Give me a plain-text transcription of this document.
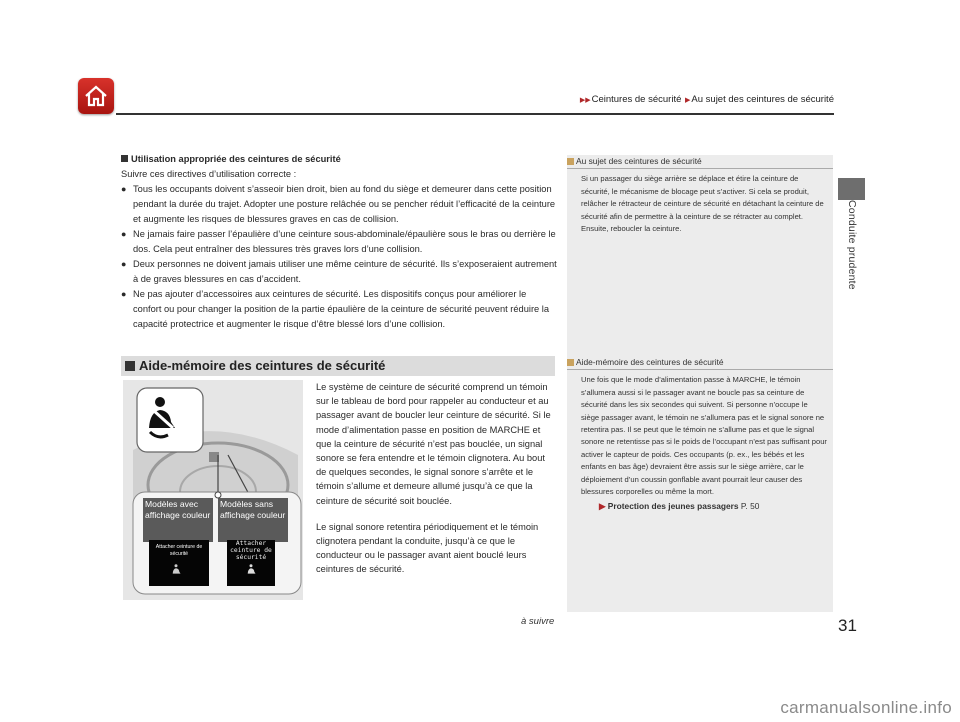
▶▶Ceintures de sécurité ▶Au sujet des ceintures de sécurité
Conduite prudente
Utilisation appropriée des ceintures de sécurité
Suivre ces directives d’utilisation correcte :
● Tous les occupants doivent s’asseoir bien droit, bien au fond du siège et demeurer dans cette position pendant la durée du trajet. Adopter une posture relâchée ou se pencher réduit l’efficacité de la ceinture et augmente les risques de blessures graves en cas de collision.
● Ne jamais faire passer l’épaulière d’une ceinture sous-abdominale/épaulière sous le bras ou derrière le dos. Cela peut entraîner des blessures très graves lors d’une collision.
● Deux personnes ne doivent jamais utiliser une même ceinture de sécurité. Ils s’exposeraient autrement à de graves blessures en cas d’accident.
● Ne pas ajouter d’accessoires aux ceintures de sécurité. Les dispositifs conçus pour améliorer le confort ou pour changer la position de la partie épaulière de la ceinture de sécurité peuvent réduire la capacité protectrice et augmenter le risque d’être blessé lors d’une collision.
Au sujet des ceintures de sécurité
Si un passager du siège arrière se déplace et étire la ceinture de sécurité, le mécanisme de blocage peut s’activer. Si cela se produit, relâcher le rétracteur de ceinture de sécurité en détachant la ceinture de sécurité afin de permettre à la ceinture de se rétracter au complet. Ensuite, reboucler la ceinture.
Aide-mémoire des ceintures de sécurité
Modèles avec affichage couleur
Modèles sans affichage couleur
Attacher ceinture de sécurité
Attacher ceinture de sécurité

Le système de ceinture de sécurité comprend un témoin sur le tableau de bord pour rappeler au conducteur et au passager avant de boucler leur ceinture de sécurité. Si le mode d’alimentation passe en position de MARCHE et que la ceinture de sécurité n’est pas bouclée, un signal sonore se fera entendre et le témoin clignotera. Au bout de quelques secondes, le signal sonore s’arrête et le témoin s’allume et demeure allumé jusqu’à ce que la ceinture de sécurité soit bouclée.

Le signal sonore retentira périodiquement et le témoin clignotera pendant la conduite, jusqu’à ce que le conducteur ou le passager avant aient bouclé leurs ceintures de sécurité.

Aide-mémoire des ceintures de sécurité
Une fois que le mode d’alimentation passe à MARCHE, le témoin s’allumera aussi si le passager avant ne boucle pas sa ceinture de sécurité dans les six secondes qui suivent. Si personne n’occupe le siège passager avant, le témoin ne s’allumera pas et le signal sonore ne retentira pas. Il se peut que le témoin ne s’allume pas et que le signal sonore ne retentisse pas si le poids de l’occupant n’est pas suffisant pour activer le capteur de poids. Ces occupants (p. ex., les bébés et les enfants en bas âge) devraient être assis sur le siège arrière, car le déploiement d’un coussin gonflable avant pourrait leur causer des blessures corporelles ou même la mort.
▶ Protection des jeunes passagers P. 50
à suivre	31
carmanualsonline.info
